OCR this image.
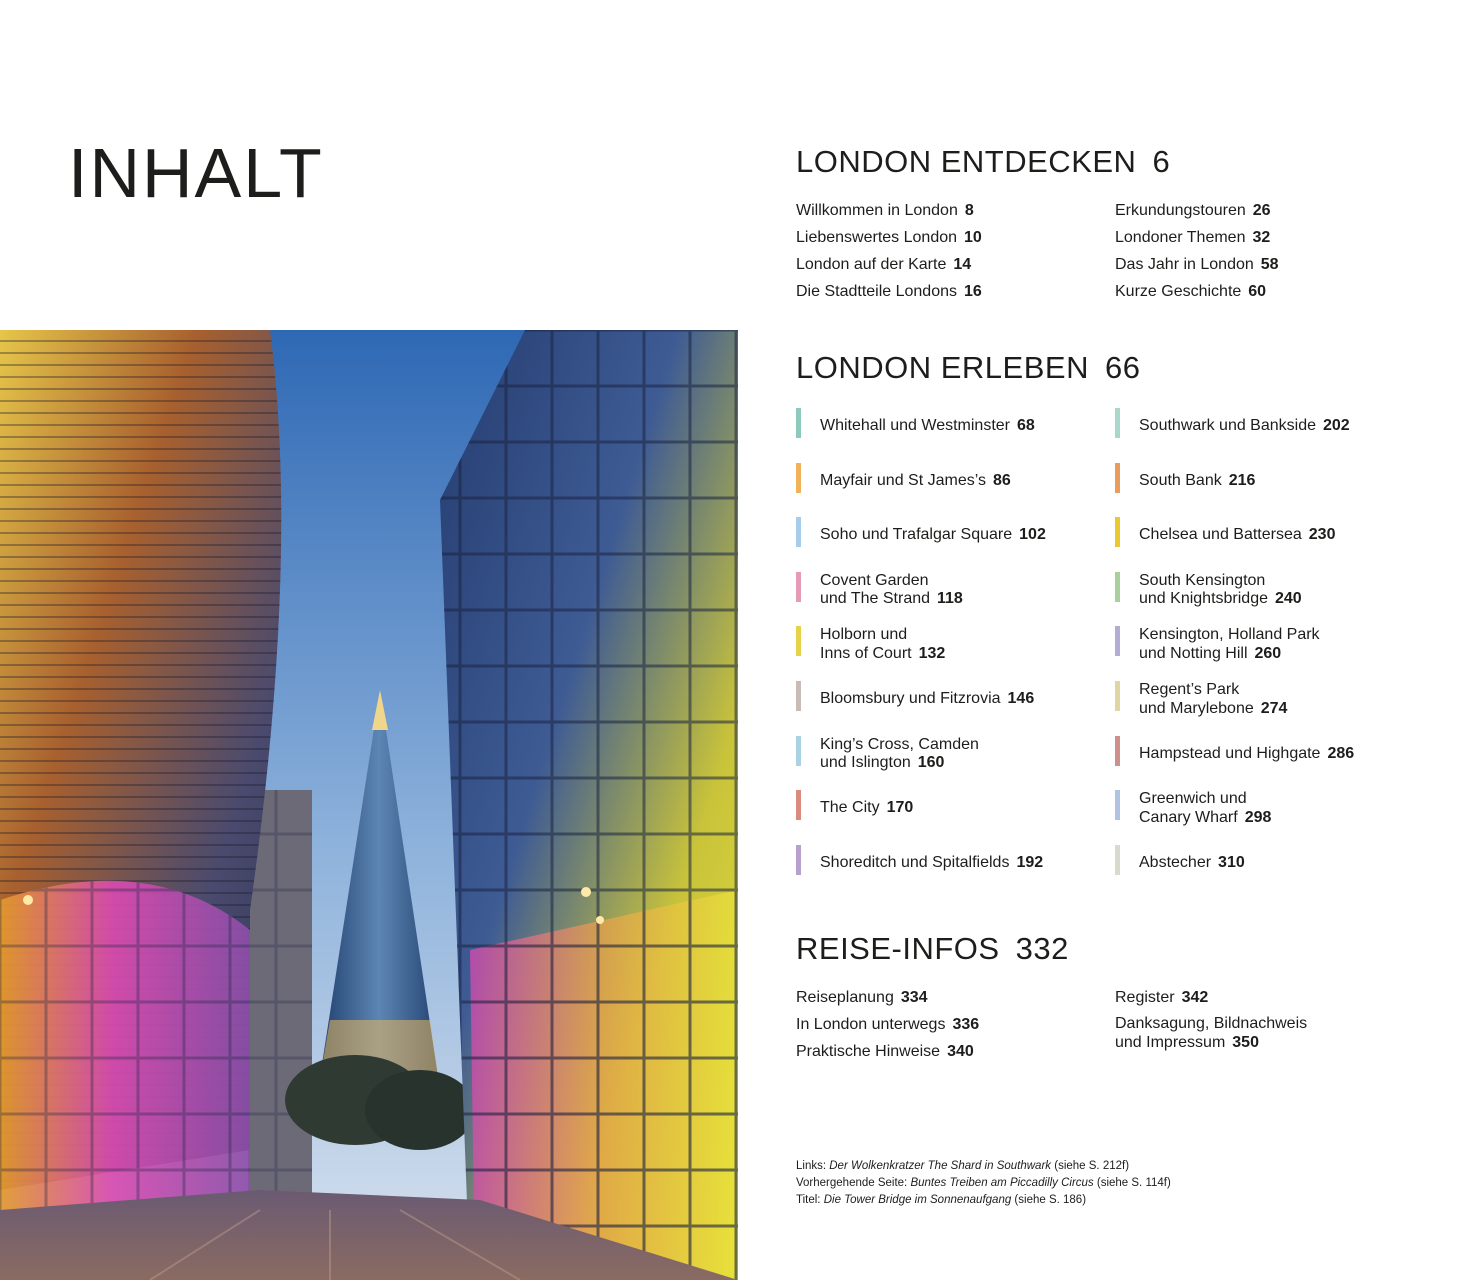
INHALT	LONDON ENTDECKEN 6
Willkommen in London 8
Liebenswertes London 10
London auf der Karte 14
Die Stadtteile Londons 16
Erkundungstouren 26
Londoner Themen 32
Das Jahr in London 58
Kurze Geschichte 60
LONDON ERLEBEN 66
Whitehall und Westminster 68
Mayfair und St James’s 86
Soho und Trafalgar Square 102
Covent Garden
und The Strand 118
Holborn und
Inns of Court 132
Bloomsbury und Fitzrovia 146
King’s Cross, Camden
und Islington 160
The City 170
Shoreditch und Spitalfields 192
Southwark und Bankside 202
South Bank 216
Chelsea und Battersea 230
South Kensington
und Knightsbridge 240
Kensington, Holland Park
und Notting Hill 260
Regent’s Park
und Marylebone 274
Hampstead und Highgate 286
Greenwich und
Canary Wharf 298
Abstecher 310
REISE-INFOS 332
Reiseplanung 334
In London unterwegs 336
Praktische Hinweise 340
Register 342
Danksagung, Bildnachweis
und Impressum 350
Links: Der Wolkenkratzer The Shard in Southwark (siehe S. 212f)
Vorhergehende Seite: Buntes Treiben am Piccadilly Circus (siehe S. 114f)
Titel: Die Tower Bridge im Sonnenaufgang (siehe S. 186)
